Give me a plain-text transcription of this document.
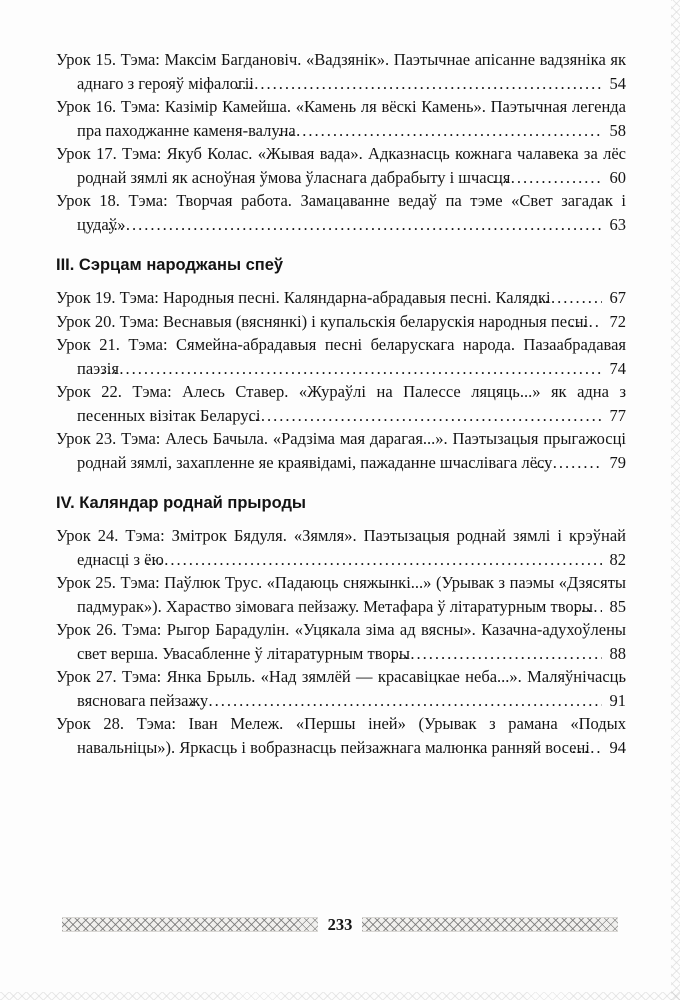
Урок 15. Тэма: Максім Багдановіч. «Вадзянік». Паэтычнае апісанне вадзяніка як аднаго з герояў міфалогіі .....	54
Урок 16. Тэма: Казімір Камейша. «Камень ля вёскі Камень». Паэтычная легенда пра паходжанне каменя-валуна .....	58
Урок 17. Тэма: Якуб Колас. «Жывая вада». Адказнасць кожнага чалавека за лёс роднай зямлі як асноўная ўмова ўласнага дабрабыту і шчасця .....	60
Урок 18. Тэма: Творчая работа. Замацаванне ведаў па тэме «Свет загадак і цудаў» .....	63
III. Сэрцам народжаны спеў
Урок 19. Тэма: Народныя песні. Каляндарна-абрадавыя песні. Калядкі .....	67
Урок 20. Тэма: Веснавыя (вяснянкі) і купальскія беларускія народныя песні .....	72
Урок 21. Тэма: Сямейна-абрадавыя песні беларускага народа. Пазаабрадавая паэзія .....	74
Урок 22. Тэма: Алесь Ставер. «Жураўлі на Палессе ляцяць...» як адна з песенных візітак Беларусі .....	77
Урок 23. Тэма: Алесь Бачыла. «Радзіма мая дарагая...». Паэтызацыя прыгажосці роднай зямлі, захапленне яе краявідамі, пажаданне шчаслівага лёсу .....	79
IV. Каляндар роднай прыроды
Урок 24. Тэма: Змітрок Бядуля. «Зямля». Паэтызацыя роднай зямлі і крэўнай еднасці з ёю .....	82
Урок 25. Тэма: Паўлюк Трус. «Падаюць сняжынкі...» (Урывак з паэмы «Дзясяты падмурак»). Хараство зімовага пейзажу. Метафара ў літаратурным творы .....	85
Урок 26. Тэма: Рыгор Барадулін. «Уцякала зіма ад вясны». Казачна-адухоўлены свет верша. Увасабленне ў літаратурным творы .....	88
Урок 27. Тэма: Янка Брыль. «Над зямлёй — красавіцкае неба...». Маляўнічасць вясновага пейзажу .....	91
Урок 28. Тэма: Іван Мележ. «Першы іней» (Урывак з рамана «Подых навальніцы»). Яркасць і вобразнасць пейзажнага малюнка ранняй восені .....	94
233
